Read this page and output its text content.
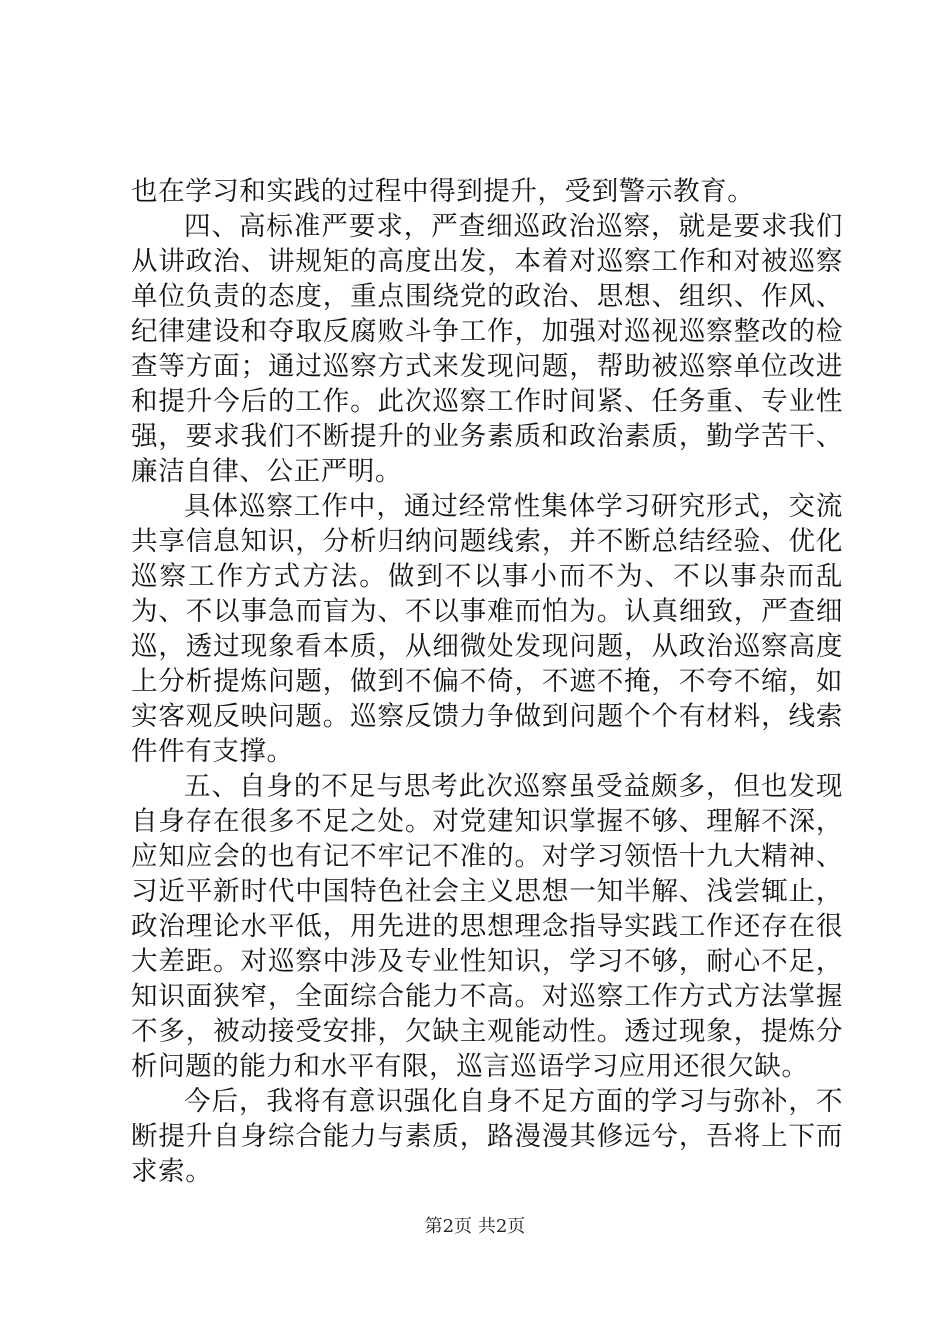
也在学习和实践的过程中得到提升，受到警示教育。

四、高标准严要求，严查细巡政治巡察，就是要求我们从讲政治、讲规矩的高度出发，本着对巡察工作和对被巡察单位负责的态度，重点围绕党的政治、思想、组织、作风、纪律建设和夺取反腐败斗争工作，加强对巡视巡察整改的检查等方面；通过巡察方式来发现问题，帮助被巡察单位改进和提升今后的工作。此次巡察工作时间紧、任务重、专业性强，要求我们不断提升的业务素质和政治素质，勤学苦干、廉洁自律、公正严明。

具体巡察工作中，通过经常性集体学习研究形式，交流共享信息知识，分析归纳问题线索，并不断总结经验、优化巡察工作方式方法。做到不以事小而不为、不以事杂而乱为、不以事急而盲为、不以事难而怕为。认真细致，严查细巡，透过现象看本质，从细微处发现问题，从政治巡察高度上分析提炼问题，做到不偏不倚，不遮不掩，不夸不缩，如实客观反映问题。巡察反馈力争做到问题个个有材料，线索件件有支撑。

五、自身的不足与思考此次巡察虽受益颇多，但也发现自身存在很多不足之处。对党建知识掌握不够、理解不深，应知应会的也有记不牢记不准的。对学习领悟十九大精神、习近平新时代中国特色社会主义思想一知半解、浅尝辄止，政治理论水平低，用先进的思想理念指导实践工作还存在很大差距。对巡察中涉及专业性知识，学习不够，耐心不足，知识面狭窄，全面综合能力不高。对巡察工作方式方法掌握不多，被动接受安排，欠缺主观能动性。透过现象，提炼分析问题的能力和水平有限，巡言巡语学习应用还很欠缺。

今后，我将有意识强化自身不足方面的学习与弥补，不断提升自身综合能力与素质，路漫漫其修远兮，吾将上下而求索。

第2页 共2页
